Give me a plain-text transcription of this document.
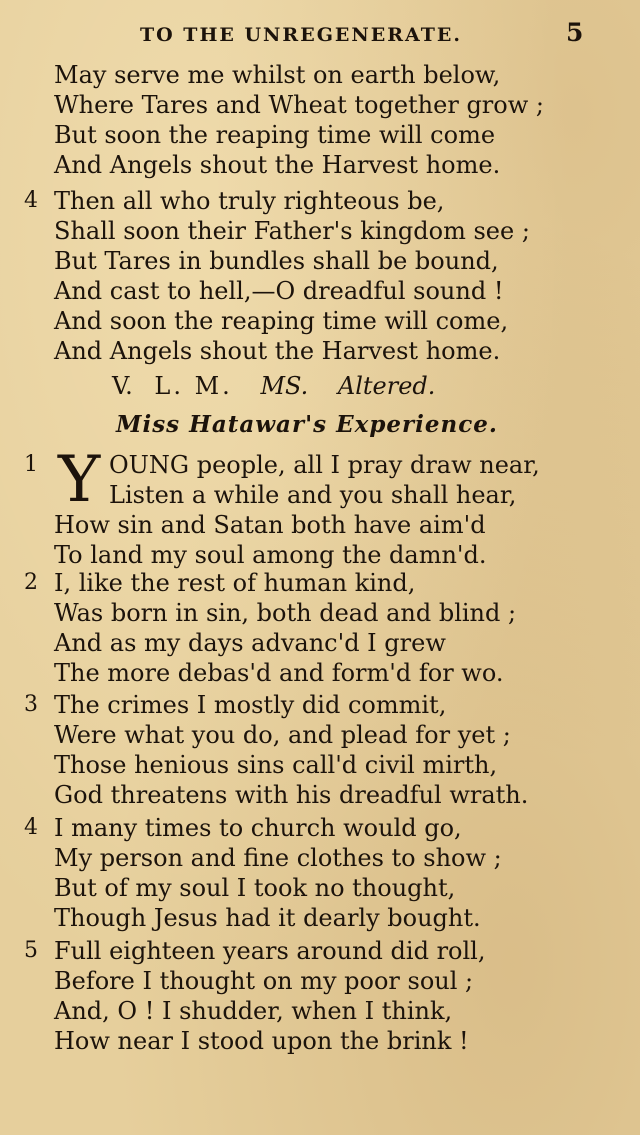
TO THE UNREGENERATE.	5
May serve me whilst on earth below,
Where Tares and Wheat together grow ;
But soon the reaping time will come
And Angels shout the Harvest home.
4 Then all who truly righteous be,
Shall soon their Father's kingdom see ;
But Tares in bundles shall be bound,
And cast to hell,—O dreadful sound !
And soon the reaping time will come,
And Angels shout the Harvest home.
V. L. M. MS. Altered.
Miss Hatawar's Experience.
1 Y OUNG people, all I pray draw near,
Listen a while and you shall hear,
How sin and Satan both have aim'd
To land my soul among the damn'd.
2 I, like the rest of human kind,
Was born in sin, both dead and blind ;
And as my days advanc'd I grew
The more debas'd and form'd for wo.
3 The crimes I mostly did commit,
Were what you do, and plead for yet ;
Those henious sins call'd civil mirth,
God threatens with his dreadful wrath.
4 I many times to church would go,
My person and fine clothes to show ;
But of my soul I took no thought,
Though Jesus had it dearly bought.
5 Full eighteen years around did roll,
Before I thought on my poor soul ;
And, O ! I shudder, when I think,
How near I stood upon the brink !
